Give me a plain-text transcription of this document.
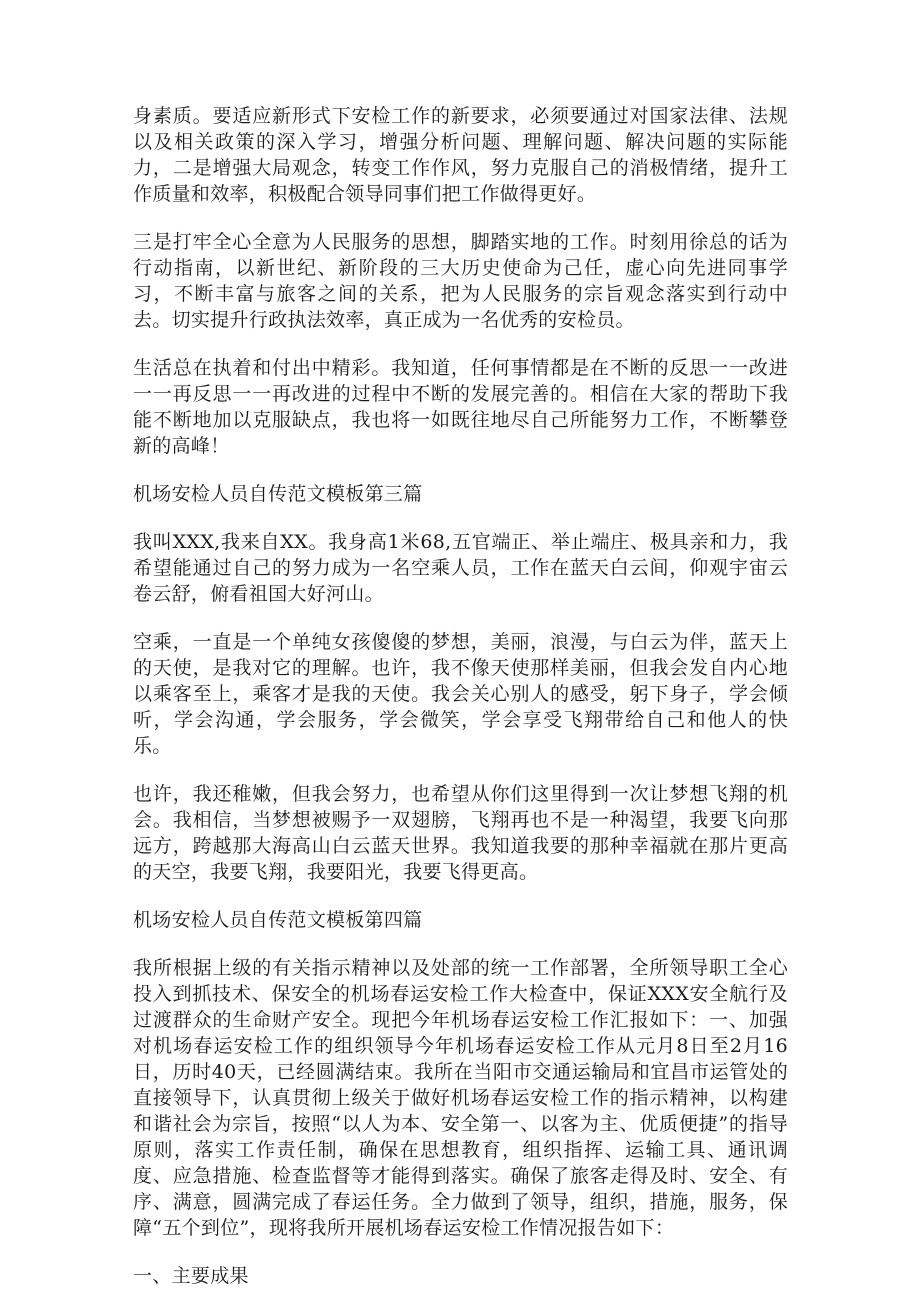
身素质。要适应新形式下安检工作的新要求，必须要通过对国家法律、法规以及相关政策的深入学习，增强分析问题、理解问题、解决问题的实际能力，二是增强大局观念，转变工作作风，努力克服自己的消极情绪，提升工作质量和效率，积极配合领导同事们把工作做得更好。

三是打牢全心全意为人民服务的思想，脚踏实地的工作。时刻用徐总的话为行动指南，以新世纪、新阶段的三大历史使命为己任，虚心向先进同事学习，不断丰富与旅客之间的关系，把为人民服务的宗旨观念落实到行动中去。切实提升行政执法效率，真正成为一名优秀的安检员。

生活总在执着和付出中精彩。我知道，任何事情都是在不断的反思一一改进一一再反思一一再改进的过程中不断的发展完善的。相信在大家的帮助下我能不断地加以克服缺点，我也将一如既往地尽自己所能努力工作，不断攀登新的高峰！

机场安检人员自传范文模板第三篇

我叫XXX,我来自XX。我身高1米68,五官端正、举止端庄、极具亲和力，我希望能通过自己的努力成为一名空乘人员，工作在蓝天白云间，仰观宇宙云卷云舒，俯看祖国大好河山。

空乘，一直是一个单纯女孩傻傻的梦想，美丽，浪漫，与白云为伴，蓝天上的天使，是我对它的理解。也许，我不像天使那样美丽，但我会发自内心地以乘客至上，乘客才是我的天使。我会关心别人的感受，躬下身子，学会倾听，学会沟通，学会服务，学会微笑，学会享受飞翔带给自己和他人的快乐。

也许，我还稚嫩，但我会努力，也希望从你们这里得到一次让梦想飞翔的机会。我相信，当梦想被赐予一双翅膀，飞翔再也不是一种渴望，我要飞向那远方，跨越那大海高山白云蓝天世界。我知道我要的那种幸福就在那片更高的天空，我要飞翔，我要阳光，我要飞得更高。

机场安检人员自传范文模板第四篇

我所根据上级的有关指示精神以及处部的统一工作部署，全所领导职工全心投入到抓技术、保安全的机场春运安检工作大检查中，保证XXX安全航行及过渡群众的生命财产安全。现把今年机场春运安检工作汇报如下：一、加强对机场春运安检工作的组织领导今年机场春运安检工作从元月8日至2月16日，历时40天，已经圆满结束。我所在当阳市交通运输局和宜昌市运管处的直接领导下，认真贯彻上级关于做好机场春运安检工作的指示精神，以构建和谐社会为宗旨，按照“以人为本、安全第一、以客为主、优质便捷”的指导原则，落实工作责任制，确保在思想教育，组织指挥、运输工具、通讯调度、应急措施、检查监督等才能得到落实。确保了旅客走得及时、安全、有序、满意，圆满完成了春运任务。全力做到了领导，组织，措施，服务，保障“五个到位”，现将我所开展机场春运安检工作情况报告如下：

一、主要成果
